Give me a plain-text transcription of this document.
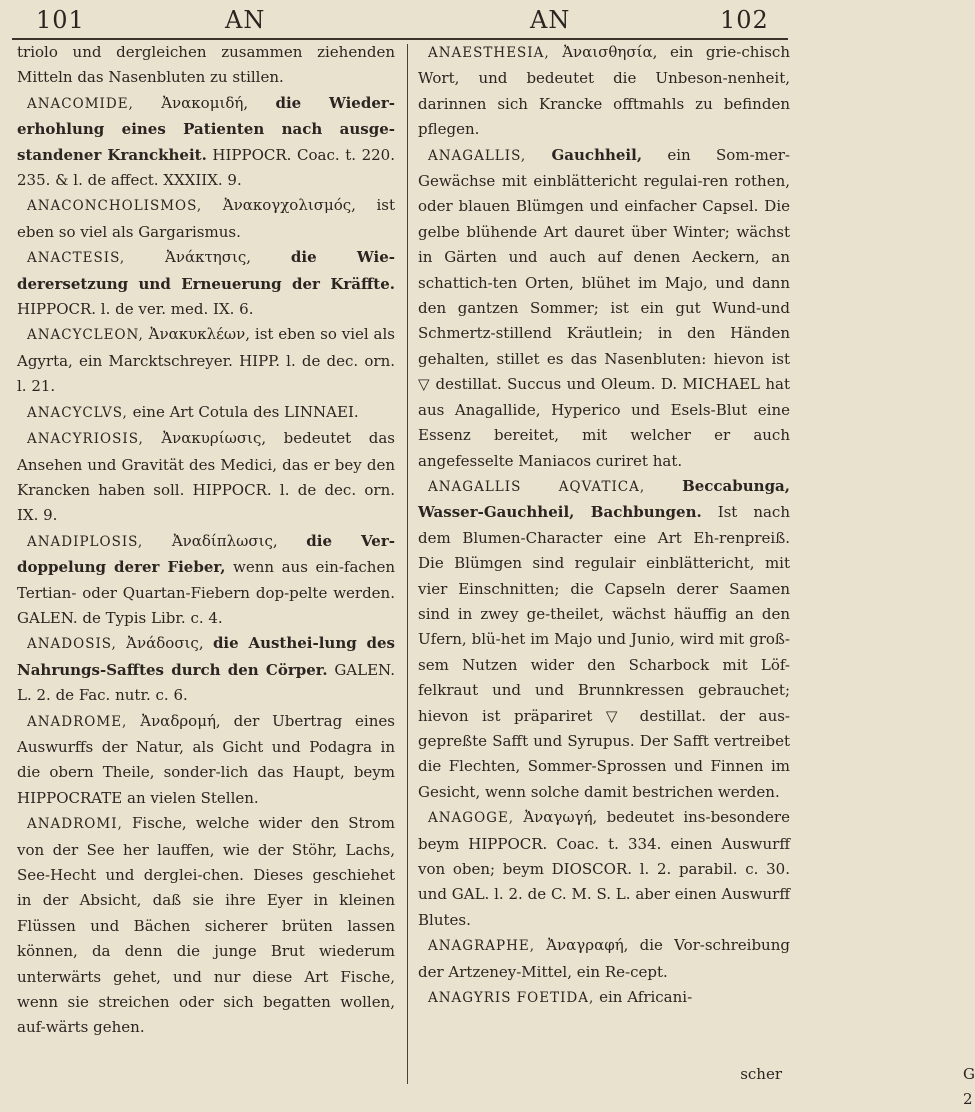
101	AN	AN	102

triolo und dergleichen zusammen ziehenden Mitteln das Nasenbluten zu stillen.

ANACOMIDE, Ἀνακομιδή, die Wieder-erhohlung eines Patienten nach ausge-standener Kranckheit. HIPPOCR. Coac. t. 220. 235. & l. de affect. XXXIIX. 9.

ANACONCHOLISMOS, Ἀνακογχολισμός, ist eben so viel als Gargarismus.

ANACTESIS,	Ἀνάκτησις,	die Wie-derersetzung und Erneuerung der Kräffte. HIPPOCR. l. de ver. med. IX. 6.

ANACYCLEON, Ἀνακυκλέων, ist eben so viel als Agyrta, ein Marcktschreyer. HIPP. l. de dec. orn. l. 21.

ANACYCLVS, eine Art Cotula des LINNAEI.

ANACYRIOSIS, Ἀνακυρίωσις, bedeutet das Ansehen und Gravität des Medici, das er bey den Krancken haben soll. HIPPOCR. l. de dec. orn. IX. 9.

ANADIPLOSIS, Ἀναδίπλωσις, die Ver-doppelung derer Fieber, wenn aus ein-fachen Tertian- oder Quartan-Fiebern dop-pelte werden. GALEN. de Typis Libr. c. 4.

ANADOSIS, Ἀνάδοσις, die Austhei-lung des Nahrungs-Safftes durch den Cörper. GALEN. L. 2. de Fac. nutr. c. 6.

ANADROME, Ἀναδρομή, der Ubertrag eines Auswurffs der Natur, als Gicht und Podagra in die obern Theile, sonder-lich das Haupt, beym HIPPOCRATE an vielen Stellen.

ANADROMI, Fische, welche wider den Strom von der See her lauffen, wie der Stöhr, Lachs, See-Hecht und derglei-chen. Dieses geschiehet in der Absicht, daß sie ihre Eyer in kleinen Flüssen und Bächen sicherer brüten lassen können, da denn die junge Brut wiederum unterwärts gehet, und nur diese Art Fische, wenn sie streichen oder sich begatten wollen, auf-wärts gehen.

ANAESTHESIA, Ἀναισθησία, ein grie-chisch Wort, und bedeutet die Unbeson-nenheit, darinnen sich Krancke offtmahls zu befinden pflegen.

ANAGALLIS, Gauchheil, ein Som-mer-Gewächse mit einblättericht regulai-ren rothen, oder blauen Blümgen und einfacher Capsel. Die gelbe blühende Art dauret über Winter; wächst in Gärten und auch auf denen Aeckern, an schattich-ten Orten, blühet im Majo, und dann den gantzen Sommer; ist ein gut Wund-und Schmertz-stillend Kräutlein; in den Händen gehalten, stillet es das Nasenbluten: hievon ist ▽ destillat. Succus und Oleum. D. MICHAEL hat aus Anagallide, Hyperico und Esels-Blut eine Essenz bereitet, mit welcher er auch angefesselte Maniacos curiret hat.

ANAGALLIS AQVATICA, Beccabunga, Wasser-Gauchheil, Bachbungen. Ist nach dem Blumen-Character eine Art Eh-renpreiß. Die Blümgen sind regulair einblättericht, mit vier Einschnitten; die Capseln derer Saamen sind in zwey ge-theilet, wächst häuffig an den Ufern, blü-het im Majo und Junio, wird mit groß-sem Nutzen wider den Scharbock mit Löf-felkraut und und Brunnkressen gebrauchet; hievon ist präpariret ▽ destillat. der aus-gepreßte Safft und Syrupus. Der Safft vertreibet die Flechten, Sommer-Sprossen und Finnen im Gesicht, wenn solche damit bestrichen werden.

ANAGOGE, Ἀναγωγή, bedeutet ins-besondere beym HIPPOCR. Coac. t. 334. einen Auswurff von oben; beym DIOSCOR. l. 2. parabil. c. 30. und GAL. l. 2. de C. M. S. L. aber einen Auswurff Blutes.

ANAGRAPHE, Ἀναγραφή, die Vor-schreibung der Artzeney-Mittel, ein Re-cept.

ANAGYRIS FOETIDA, ein Africani-

G 2
scher
